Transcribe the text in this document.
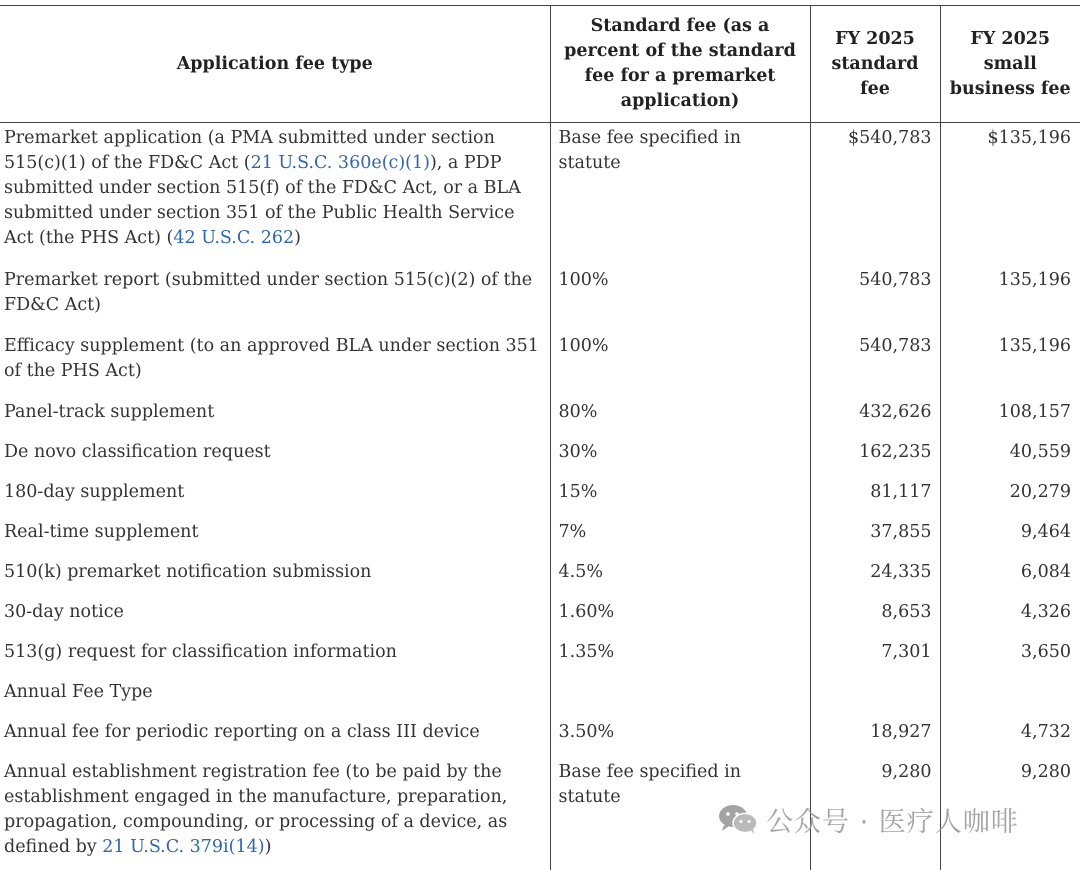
Application fee type	Standard fee (as a percent of the standard fee for a premarket application)	FY 2025 standard fee	FY 2025 small business fee
Premarket application (a PMA submitted under section 515(c)(1) of the FD&C Act (21 U.S.C. 360e(c)(1)), a PDP submitted under section 515(f) of the FD&C Act, or a BLA submitted under section 351 of the Public Health Service Act (the PHS Act) (42 U.S.C. 262)	Base fee specified in statute	$540,783	$135,196
Premarket report (submitted under section 515(c)(2) of the FD&C Act)	100%	540,783	135,196
Efficacy supplement (to an approved BLA under section 351 of the PHS Act)	100%	540,783	135,196
Panel-track supplement	80%	432,626	108,157
De novo classification request	30%	162,235	40,559
180-day supplement	15%	81,117	20,279
Real-time supplement	7%	37,855	9,464
510(k) premarket notification submission	4.5%	24,335	6,084
30-day notice	1.60%	8,653	4,326
513(g) request for classification information	1.35%	7,301	3,650
Annual Fee Type			
Annual fee for periodic reporting on a class III device	3.50%	18,927	4,732
Annual establishment registration fee (to be paid by the establishment engaged in the manufacture, preparation, propagation, compounding, or processing of a device, as defined by 21 U.S.C. 379i(14))	Base fee specified in statute	9,280	9,280
公众号 · 医疗人咖啡
